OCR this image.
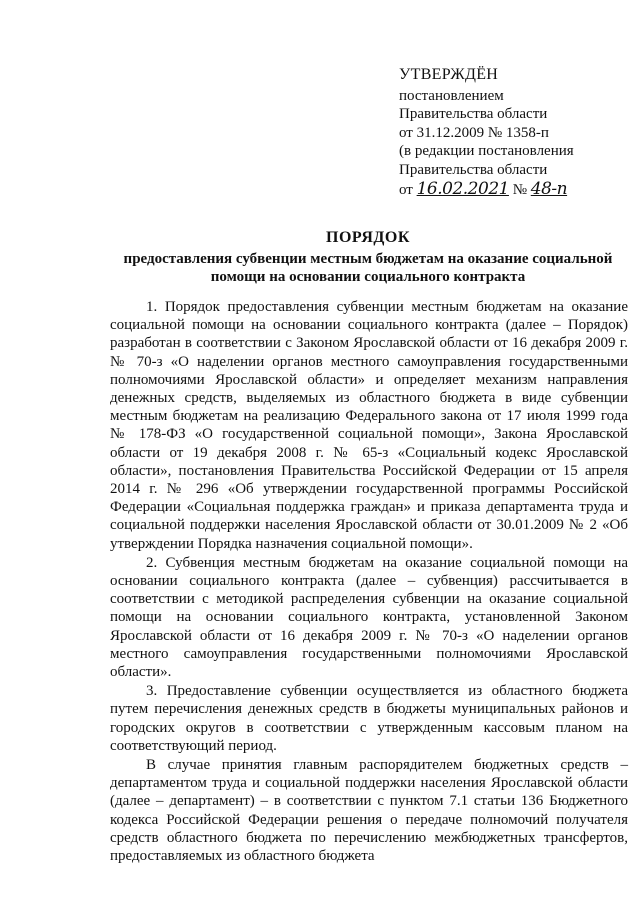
УТВЕРЖДЁН
постановлением
Правительства области
от 31.12.2009 № 1358-п
(в редакции постановления
Правительства области
от 16.02.2021 № 48-п
ПОРЯДОК
предоставления субвенции местным бюджетам на оказание социальной помощи на основании социального контракта

1. Порядок предоставления субвенции местным бюджетам на оказание социальной помощи на основании социального контракта (далее – Порядок) разработан в соответствии с Законом Ярославской области от 16 декабря 2009 г. № 70-з «О наделении органов местного самоуправления государственными полномочиями Ярославской области» и определяет механизм направления денежных средств, выделяемых из областного бюджета в виде субвенции местным бюджетам на реализацию Федерального закона от 17 июля 1999 года № 178-ФЗ «О государственной социальной помощи», Закона Ярославской области от 19 декабря 2008 г. № 65-з «Социальный кодекс Ярославской области», постановления Правительства Российской Федерации от 15 апреля 2014 г. № 296 «Об утверждении государственной программы Российской Федерации «Социальная поддержка граждан» и приказа департамента труда и социальной поддержки населения Ярославской области от 30.01.2009 № 2 «Об утверждении Порядка назначения социальной помощи».

2. Субвенция местным бюджетам на оказание социальной помощи на основании социального контракта (далее – субвенция) рассчитывается в соответствии с методикой распределения субвенции на оказание социальной помощи на основании социального контракта, установленной Законом Ярославской области от 16 декабря 2009 г. № 70-з «О наделении органов местного самоуправления государственными полномочиями Ярославской области».

3. Предоставление субвенции осуществляется из областного бюджета путем перечисления денежных средств в бюджеты муниципальных районов и городских округов в соответствии с утвержденным кассовым планом на соответствующий период.

В случае принятия главным распорядителем бюджетных средств – департаментом труда и социальной поддержки населения Ярославской области (далее – департамент) – в соответствии с пунктом 7.1 статьи 136 Бюджетного кодекса Российской Федерации решения о передаче полномочий получателя средств областного бюджета по перечислению межбюджетных трансфертов, предоставляемых из областного бюджета
